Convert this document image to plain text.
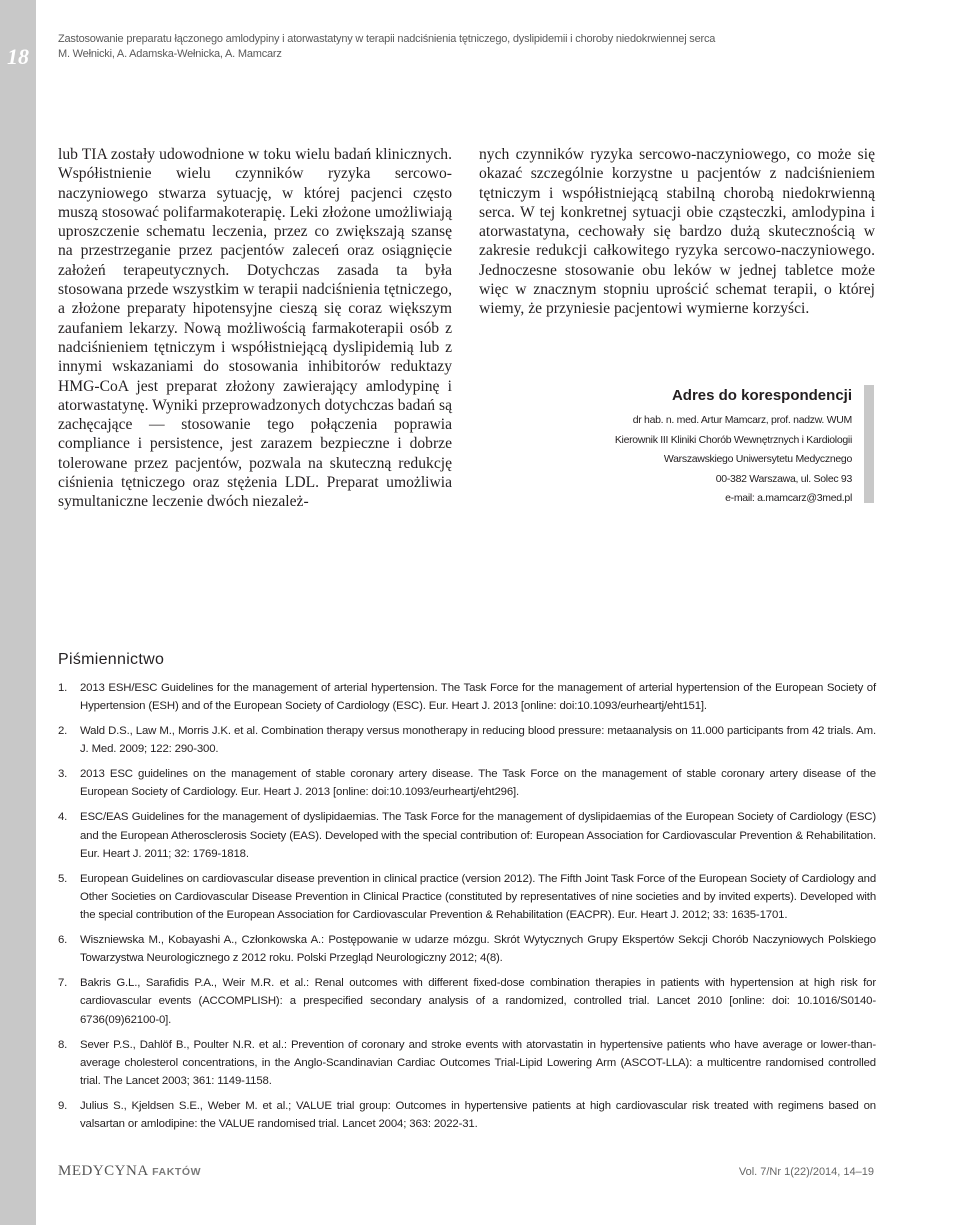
18
Zastosowanie preparatu łączonego amlodypiny i atorwastatyny w terapii nadciśnienia tętniczego, dyslipidemii i choroby niedokrwiennej serca
M. Wełnicki, A. Adamska-Wełnicka, A. Mamcarz

lub TIA zostały udowodnione w toku wielu badań klinicznych. Współistnienie wielu czynników ryzyka sercowo-naczyniowego stwarza sytuację, w której pacjenci często muszą stosować polifarmakoterapię. Leki złożone umożliwiają uproszczenie schematu leczenia, przez co zwiększają szansę na przestrzeganie przez pacjentów zaleceń oraz osiągnięcie założeń terapeutycznych. Dotychczas zasada ta była stosowana przede wszystkim w terapii nadciśnienia tętniczego, a złożone preparaty hipotensyjne cieszą się coraz większym zaufaniem lekarzy. Nową możliwością farmakoterapii osób z nadciśnieniem tętniczym i współistniejącą dyslipidemią lub z innymi wskazaniami do stosowania inhibitorów reduktazy HMG-CoA jest preparat złożony zawierający amlodypinę i atorwastatynę. Wyniki przeprowadzonych dotychczas badań są zachęcające — stosowanie tego połączenia poprawia compliance i persistence, jest zarazem bezpieczne i dobrze tolerowane przez pacjentów, pozwala na skuteczną redukcję ciśnienia tętniczego oraz stężenia LDL. Preparat umożliwia symultaniczne leczenie dwóch niezależ-

nych czynników ryzyka sercowo-naczyniowego, co może się okazać szczególnie korzystne u pacjentów z nadciśnieniem tętniczym i współistniejącą stabilną chorobą niedokrwienną serca. W tej konkretnej sytuacji obie cząsteczki, amlodypina i atorwastatyna, cechowały się bardzo dużą skutecznością w zakresie redukcji całkowitego ryzyka sercowo-naczyniowego. Jednoczesne stosowanie obu leków w jednej tabletce może więc w znacznym stopniu uprościć schemat terapii, o której wiemy, że przyniesie pacjentowi wymierne korzyści.

Adres do korespondencji
dr hab. n. med. Artur Mamcarz, prof. nadzw. WUM
Kierownik III Kliniki Chorób Wewnętrznych i Kardiologii
Warszawskiego Uniwersytetu Medycznego
00-382 Warszawa, ul. Solec 93
e-mail: a.mamcarz@3med.pl
Piśmiennictwo
1. 2013 ESH/ESC Guidelines for the management of arterial hypertension. The Task Force for the management of arterial hypertension of the European Society of Hypertension (ESH) and of the European Society of Cardiology (ESC). Eur. Heart J. 2013 [online: doi:10.1093/eurheartj/eht151].
2. Wald D.S., Law M., Morris J.K. et al. Combination therapy versus monotherapy in reducing blood pressure: metaanalysis on 11.000 participants from 42 trials. Am. J. Med. 2009; 122: 290-300.
3. 2013 ESC guidelines on the management of stable coronary artery disease. The Task Force on the management of stable coronary artery disease of the European Society of Cardiology. Eur. Heart J. 2013 [online: doi:10.1093/eurheartj/eht296].
4. ESC/EAS Guidelines for the management of dyslipidaemias. The Task Force for the management of dyslipidaemias of the European Society of Cardiology (ESC) and the European Atherosclerosis Society (EAS). Developed with the special contribution of: European Association for Cardiovascular Prevention & Rehabilitation. Eur. Heart J. 2011; 32: 1769-1818.
5. European Guidelines on cardiovascular disease prevention in clinical practice (version 2012). The Fifth Joint Task Force of the European Society of Cardiology and Other Societies on Cardiovascular Disease Prevention in Clinical Practice (constituted by representatives of nine societies and by invited experts). Developed with the special contribution of the European Association for Cardiovascular Prevention & Rehabilitation (EACPR). Eur. Heart J. 2012; 33: 1635-1701.
6. Wiszniewska M., Kobayashi A., Członkowska A.: Postępowanie w udarze mózgu. Skrót Wytycznych Grupy Ekspertów Sekcji Chorób Naczyniowych Polskiego Towarzystwa Neurologicznego z 2012 roku. Polski Przegląd Neurologiczny 2012; 4(8).
7. Bakris G.L., Sarafidis P.A., Weir M.R. et al.: Renal outcomes with different fixed-dose combination therapies in patients with hypertension at high risk for cardiovascular events (ACCOMPLISH): a prespecified secondary analysis of a randomized, controlled trial. Lancet 2010 [online: doi: 10.1016/S0140-6736(09)62100-0].
8. Sever P.S., Dahlöf B., Poulter N.R. et al.: Prevention of coronary and stroke events with atorvastatin in hypertensive patients who have average or lower-than-average cholesterol concentrations, in the Anglo-Scandinavian Cardiac Outcomes Trial-Lipid Lowering Arm (ASCOT-LLA): a multicentre randomised controlled trial. The Lancet 2003; 361: 1149-1158.
9. Julius S., Kjeldsen S.E., Weber M. et al.; VALUE trial group: Outcomes in hypertensive patients at high cardiovascular risk treated with regimens based on valsartan or amlodipine: the VALUE randomised trial. Lancet 2004; 363: 2022-31.
MEDYCYNA FAKTÓW	Vol. 7/Nr 1(22)/2014, 14–19
